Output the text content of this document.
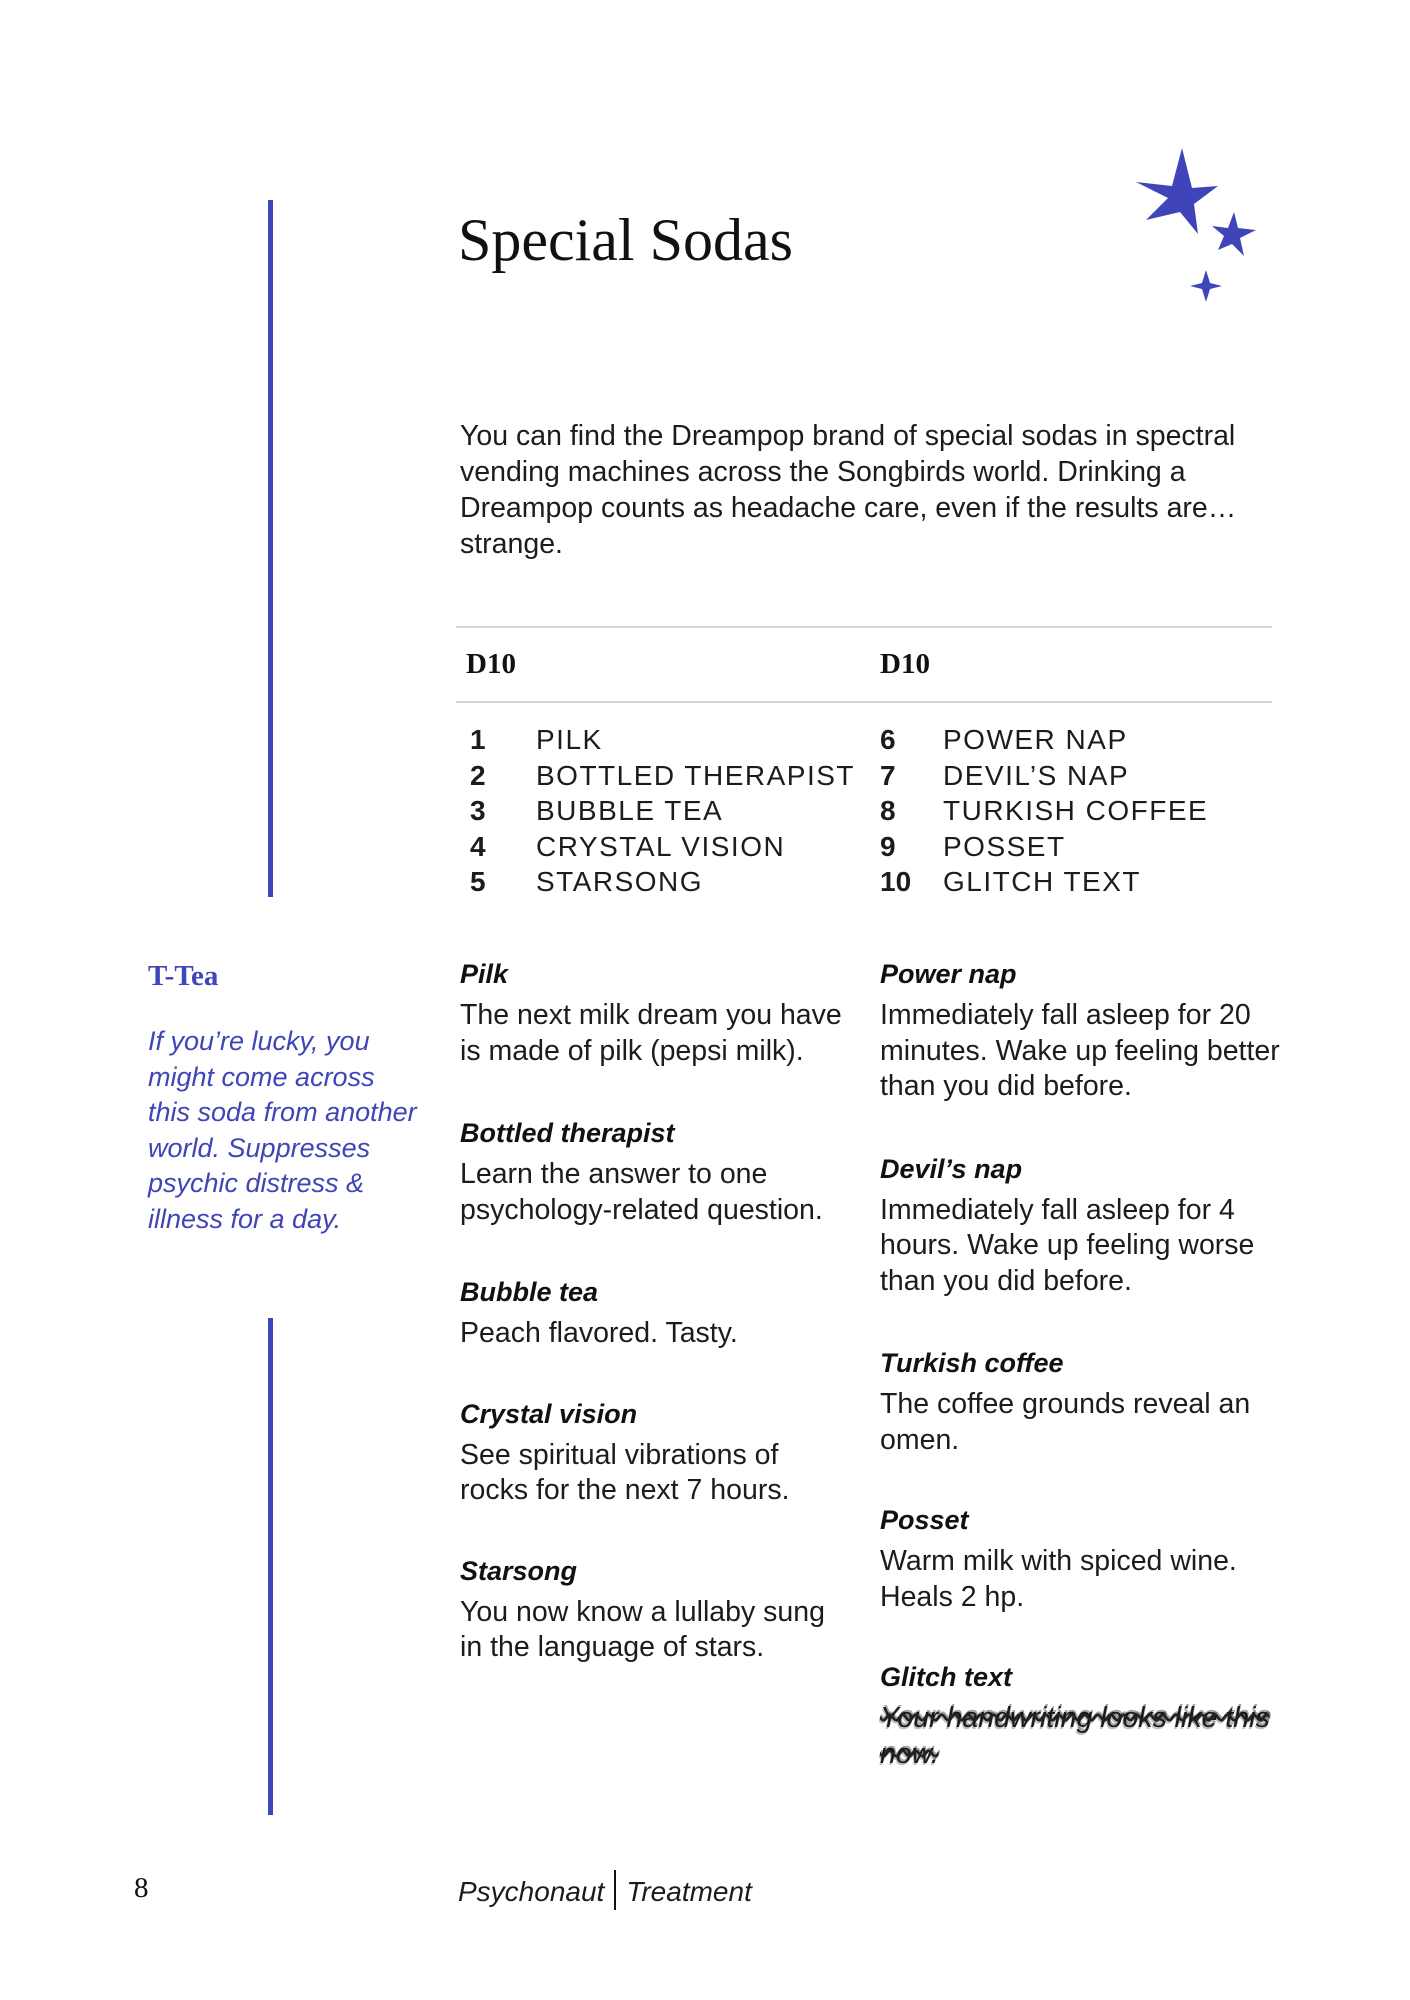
Special Sodas

You can find the Dreampop brand of special sodas in spectral vending machines across the Songbirds world. Drinking a Dreampop counts as headache care, even if the results are…strange.

D10	D10
1 PILK
2 BOTTLED THERAPIST
3 BUBBLE TEA
4 CRYSTAL VISION
5 STARSONG
6 POWER NAP
7 DEVIL’S NAP
8 TURKISH COFFEE
9 POSSET
10 GLITCH TEXT
T-Tea

If you’re lucky, you might come across this soda from another world. Suppresses psychic distress & illness for a day.

Pilk

The next milk dream you have is made of pilk (pepsi milk).

Bottled therapist

Learn the answer to one psychology-related question.

Bubble tea

Peach flavored. Tasty.

Crystal vision

See spiritual vibrations of rocks for the next 7 hours.

Starsong

You now know a lullaby sung in the language of stars.

Power nap

Immediately fall asleep for 20 minutes. Wake up feeling better than you did before.

Devil’s nap

Immediately fall asleep for 4 hours. Wake up feeling worse than you did before.

Turkish coffee

The coffee grounds reveal an omen.

Posset

Warm milk with spiced wine. Heals 2 hp.

Glitch text

Your handwriting looks like this now.

8	Psychonaut Treatment
